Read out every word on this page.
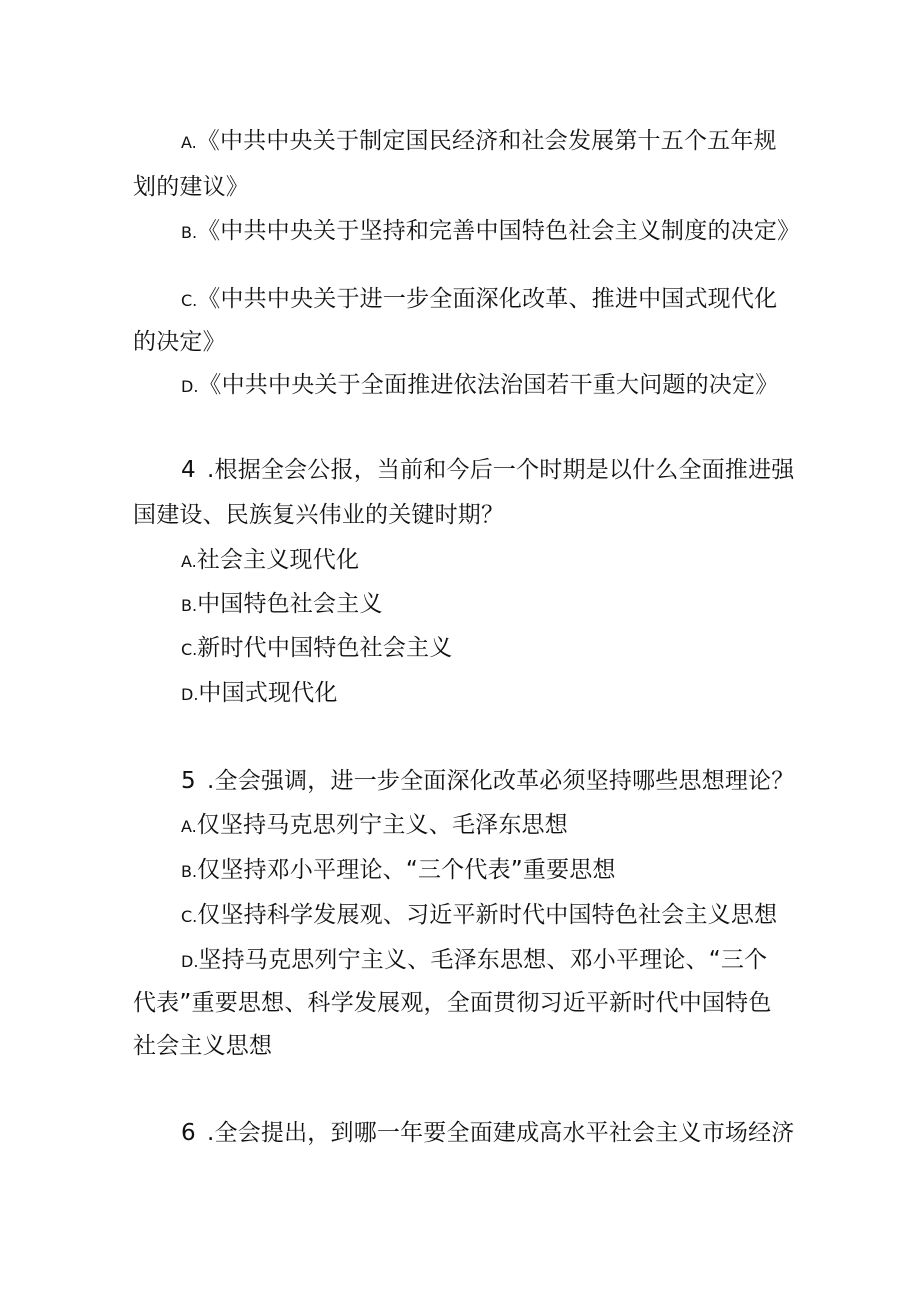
A.《中共中央关于制定国民经济和社会发展第十五个五年规
划的建议》
B.《中共中央关于坚持和完善中国特色社会主义制度的决定》
C.《中共中央关于进一步全面深化改革、推进中国式现代化
的决定》
D.《中共中央关于全面推进依法治国若干重大问题的决定》
4 .根据全会公报，当前和今后一个时期是以什么全面推进强
国建设、民族复兴伟业的关键时期？
A.社会主义现代化
B.中国特色社会主义
C.新时代中国特色社会主义
D.中国式现代化
5 .全会强调，进一步全面深化改革必须坚持哪些思想理论？
A.仅坚持马克思列宁主义、毛泽东思想
B.仅坚持邓小平理论、“三个代表”重要思想
C.仅坚持科学发展观、习近平新时代中国特色社会主义思想
D.坚持马克思列宁主义、毛泽东思想、邓小平理论、“三个
代表”重要思想、科学发展观，全面贯彻习近平新时代中国特色
社会主义思想
6 .全会提出，到哪一年要全面建成高水平社会主义市场经济
